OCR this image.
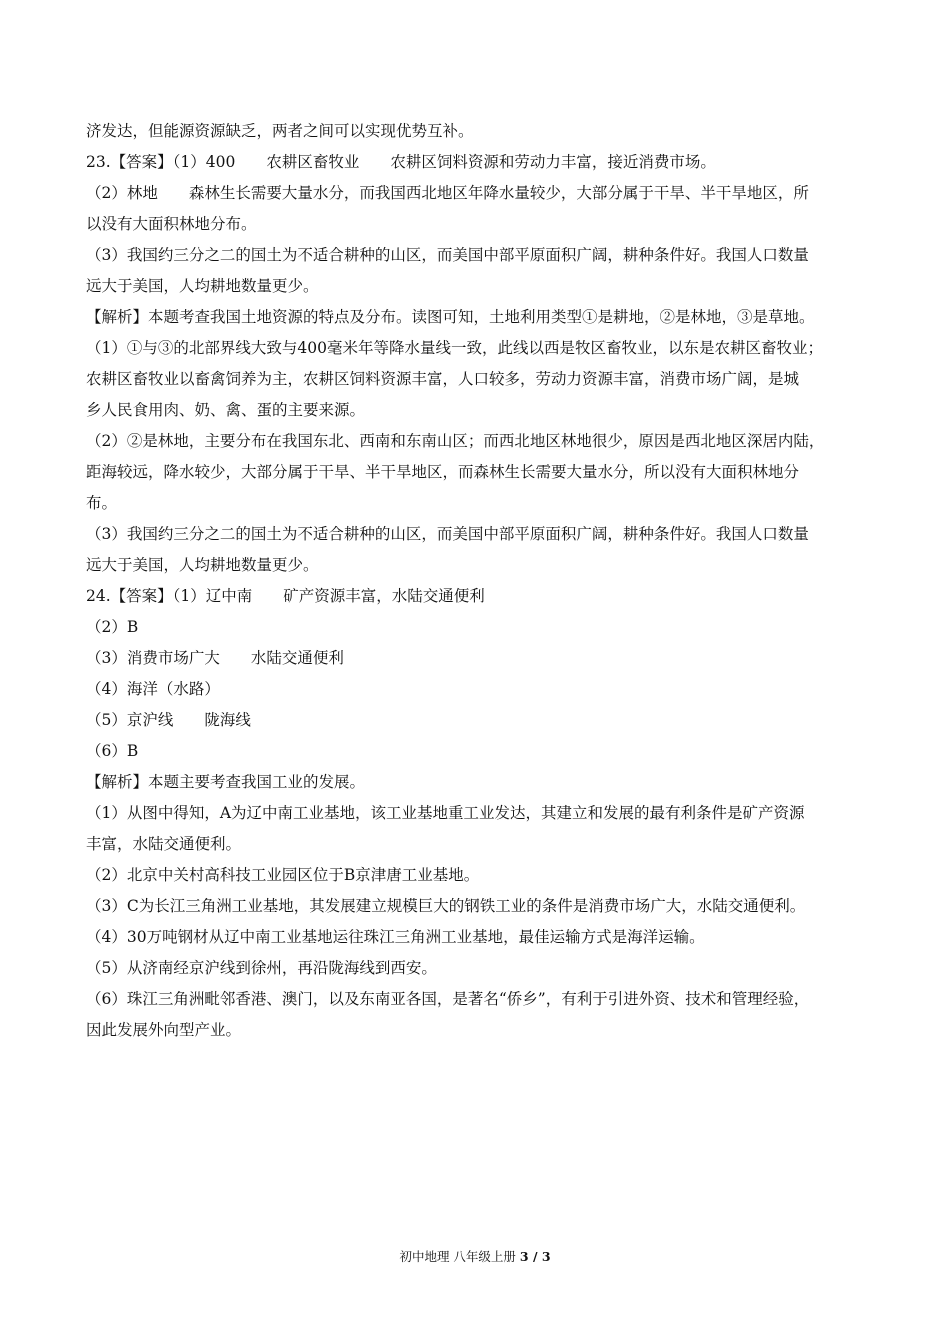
济发达，但能源资源缺乏，两者之间可以实现优势互补。
23.【答案】（1）400　　农耕区畜牧业　　农耕区饲料资源和劳动力丰富，接近消费市场。
（2）林地　　森林生长需要大量水分，而我国西北地区年降水量较少，大部分属于干旱、半干旱地区，所
以没有大面积林地分布。
（3）我国约三分之二的国土为不适合耕种的山区，而美国中部平原面积广阔，耕种条件好。我国人口数量
远大于美国，人均耕地数量更少。
【解析】本题考查我国土地资源的特点及分布。读图可知，土地利用类型①是耕地，②是林地，③是草地。
（1）①与③的北部界线大致与400毫米年等降水量线一致，此线以西是牧区畜牧业，以东是农耕区畜牧业；
农耕区畜牧业以畜禽饲养为主，农耕区饲料资源丰富，人口较多，劳动力资源丰富，消费市场广阔，是城
乡人民食用肉、奶、禽、蛋的主要来源。
（2）②是林地，主要分布在我国东北、西南和东南山区；而西北地区林地很少，原因是西北地区深居内陆，
距海较远，降水较少，大部分属于干旱、半干旱地区，而森林生长需要大量水分，所以没有大面积林地分
布。
（3）我国约三分之二的国土为不适合耕种的山区，而美国中部平原面积广阔，耕种条件好。我国人口数量
远大于美国，人均耕地数量更少。
24.【答案】（1）辽中南　　矿产资源丰富，水陆交通便利
（2）B
（3）消费市场广大　　水陆交通便利
（4）海洋（水路）
（5）京沪线　　陇海线
（6）B
【解析】本题主要考查我国工业的发展。
（1）从图中得知，A为辽中南工业基地，该工业基地重工业发达，其建立和发展的最有利条件是矿产资源
丰富，水陆交通便利。
（2）北京中关村高科技工业园区位于B京津唐工业基地。
（3）C为长江三角洲工业基地，其发展建立规模巨大的钢铁工业的条件是消费市场广大，水陆交通便利。
（4）30万吨钢材从辽中南工业基地运往珠江三角洲工业基地，最佳运输方式是海洋运输。
（5）从济南经京沪线到徐州，再沿陇海线到西安。
（6）珠江三角洲毗邻香港、澳门，以及东南亚各国，是著名“侨乡”，有利于引进外资、技术和管理经验，
因此发展外向型产业。
初中地理 八年级上册 3 / 3
